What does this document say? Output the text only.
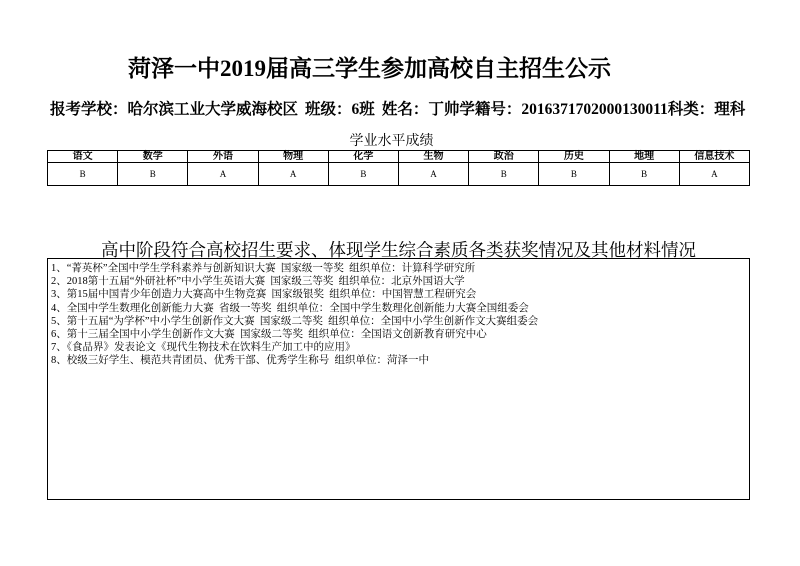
菏泽一中2019届高三学生参加高校自主招生公示
报考学校：哈尔滨工业大学威海校区 班级：6班 姓名：丁帅学籍号：2016371702000130011科类：理科
学业水平成绩
语文	数学	外语	物理	化学	生物	政治	历史	地理	信息技术
B	B	A	A	B	A	B	B	B	A
高中阶段符合高校招生要求、体现学生综合素质各类获奖情况及其他材料情况
1、“菁英杯”全国中学生学科素养与创新知识大赛  国家级一等奖  组织单位：计算科学研究所
2、2018第十五届“外研社杯”中小学生英语大赛  国家级三等奖  组织单位：北京外国语大学
3、第15届中国青少年创造力大赛高中生物竞赛  国家级银奖  组织单位：中国智慧工程研究会
4、全国中学生数理化创新能力大赛  省级一等奖  组织单位：全国中学生数理化创新能力大赛全国组委会
5、第十五届“为学杯”中小学生创新作文大赛  国家级二等奖  组织单位：全国中小学生创新作文大赛组委会
6、第十三届全国中小学生创新作文大赛  国家级二等奖  组织单位：全国语文创新教育研究中心
7、《食品界》发表论文《现代生物技术在饮料生产加工中的应用》
8、校级三好学生、模范共青团员、优秀干部、优秀学生称号  组织单位：菏泽一中
